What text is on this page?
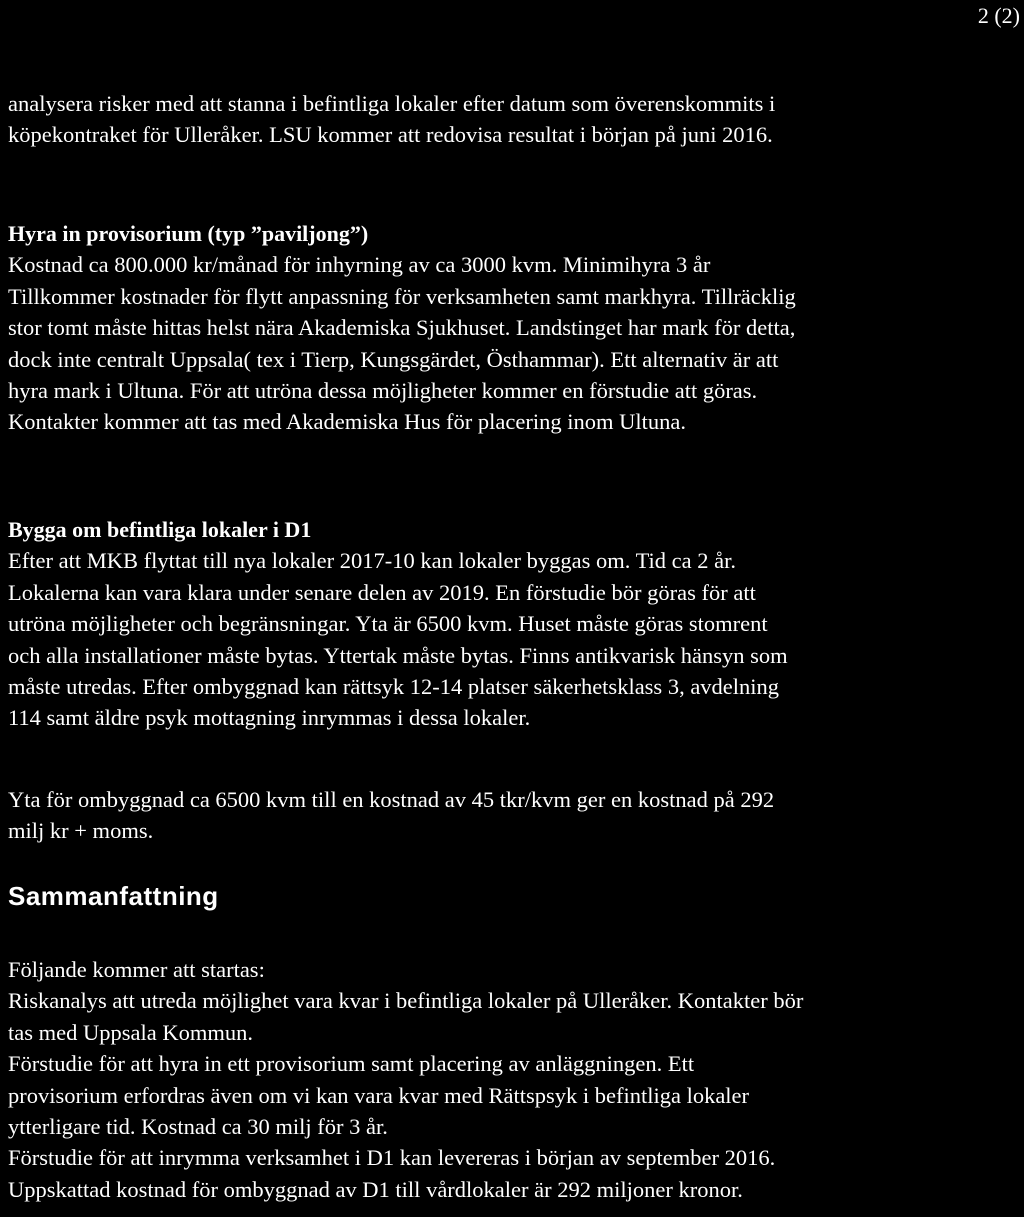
2 (2)

analysera risker med att stanna i befintliga lokaler efter datum som överenskommits i
köpekontraket för Ulleråker. LSU kommer att redovisa resultat i början på juni 2016.

Hyra in provisorium (typ ”paviljong”)

Kostnad ca 800.000 kr/månad för inhyrning av ca 3000 kvm. Minimihyra 3 år
Tillkommer kostnader för flytt anpassning för verksamheten samt markhyra. Tillräcklig
stor tomt måste hittas helst nära Akademiska Sjukhuset. Landstinget har mark för detta,
dock inte centralt Uppsala( tex i Tierp, Kungsgärdet, Östhammar). Ett alternativ är att
hyra mark i Ultuna. För att utröna dessa möjligheter kommer en förstudie att göras.
Kontakter kommer att tas med Akademiska Hus för placering inom Ultuna.

Bygga om befintliga lokaler i D1

Efter att MKB flyttat till nya lokaler 2017-10 kan lokaler byggas om. Tid ca 2 år.
Lokalerna kan vara klara under senare delen av 2019. En förstudie bör göras för att
utröna möjligheter och begränsningar. Yta är 6500 kvm. Huset måste göras stomrent
och alla installationer måste bytas. Yttertak måste bytas. Finns antikvarisk hänsyn som
måste utredas. Efter ombyggnad kan rättsyk 12-14 platser säkerhetsklass 3, avdelning
114 samt äldre psyk mottagning inrymmas i dessa lokaler.

Yta för ombyggnad ca 6500 kvm till en kostnad av 45 tkr/kvm ger en kostnad på 292
milj kr + moms.

Sammanfattning

Följande kommer att startas:
Riskanalys att utreda möjlighet vara kvar i befintliga lokaler på Ulleråker. Kontakter bör
tas med Uppsala Kommun.
Förstudie för att hyra in ett provisorium samt placering av anläggningen. Ett
provisorium erfordras även om vi kan vara kvar med Rättspsyk i befintliga lokaler
ytterligare tid. Kostnad ca 30 milj för 3 år.
Förstudie för att inrymma verksamhet i D1 kan levereras i början av september 2016.
Uppskattad kostnad för ombyggnad av D1 till vårdlokaler är 292 miljoner kronor.
